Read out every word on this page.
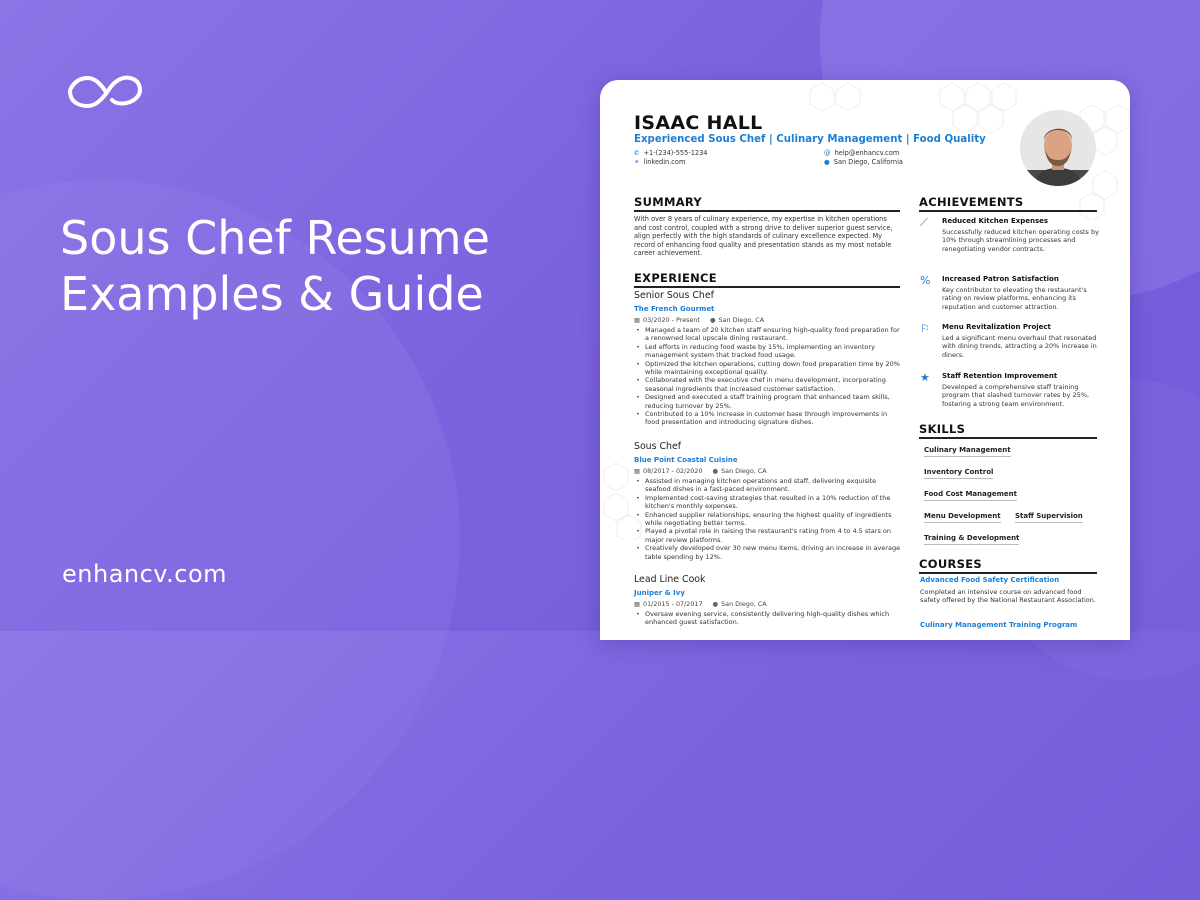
Sous Chef Resume
Examples & Guide
enhancv.com
ISAAC HALL
Experienced Sous Chef | Culinary Management | Food Quality
✆ +1-(234)-555-1234	@ help@enhancv.com
⚭ linkedin.com	● San Diego, California
SUMMARY
With over 8 years of culinary experience, my expertise in kitchen operations and cost control, coupled with a strong drive to deliver superior guest service, align perfectly with the high standards of culinary excellence expected. My record of enhancing food quality and presentation stands as my most notable career achievement.
EXPERIENCE
Senior Sous Chef
The French Gourmet
▦ 03/2020 - Present ● San Diego, CA
• Managed a team of 20 kitchen staff ensuring high-quality food preparation for a renowned local upscale dining restaurant.
• Led efforts in reducing food waste by 15%, implementing an inventory management system that tracked food usage.
• Optimized the kitchen operations, cutting down food preparation time by 20% while maintaining exceptional quality.
• Collaborated with the executive chef in menu development, incorporating seasonal ingredients that increased customer satisfaction.
• Designed and executed a staff training program that enhanced team skills, reducing turnover by 25%.
• Contributed to a 10% increase in customer base through improvements in food presentation and introducing signature dishes.
Sous Chef
Blue Point Coastal Cuisine
▦ 08/2017 - 02/2020 ● San Diego, CA
• Assisted in managing kitchen operations and staff, delivering exquisite seafood dishes in a fast-paced environment.
• Implemented cost-saving strategies that resulted in a 10% reduction of the kitchen's monthly expenses.
• Enhanced supplier relationships, ensuring the highest quality of ingredients while negotiating better terms.
• Played a pivotal role in raising the restaurant's rating from 4 to 4.5 stars on major review platforms.
• Creatively developed over 30 new menu items, driving an increase in average table spending by 12%.
Lead Line Cook
Juniper & Ivy
▦ 01/2015 - 07/2017 ● San Diego, CA
• Oversaw evening service, consistently delivering high-quality dishes which enhanced guest satisfaction.
ACHIEVEMENTS
⟋	Reduced Kitchen Expenses
Successfully reduced kitchen operating costs by 10% through streamlining processes and renegotiating vendor contracts.
%	Increased Patron Satisfaction
Key contributor to elevating the restaurant's rating on review platforms, enhancing its reputation and customer attraction.
⚐	Menu Revitalization Project
Led a significant menu overhaul that resonated with dining trends, attracting a 20% increase in diners.
★	Staff Retention Improvement
Developed a comprehensive staff training program that slashed turnover rates by 25%, fostering a strong team environment.
SKILLS
Culinary Management
Inventory Control
Food Cost Management
Menu Development Staff Supervision
Training & Development
COURSES
Advanced Food Safety Certification
Completed an intensive course on advanced food safety offered by the National Restaurant Association.
Culinary Management Training Program
